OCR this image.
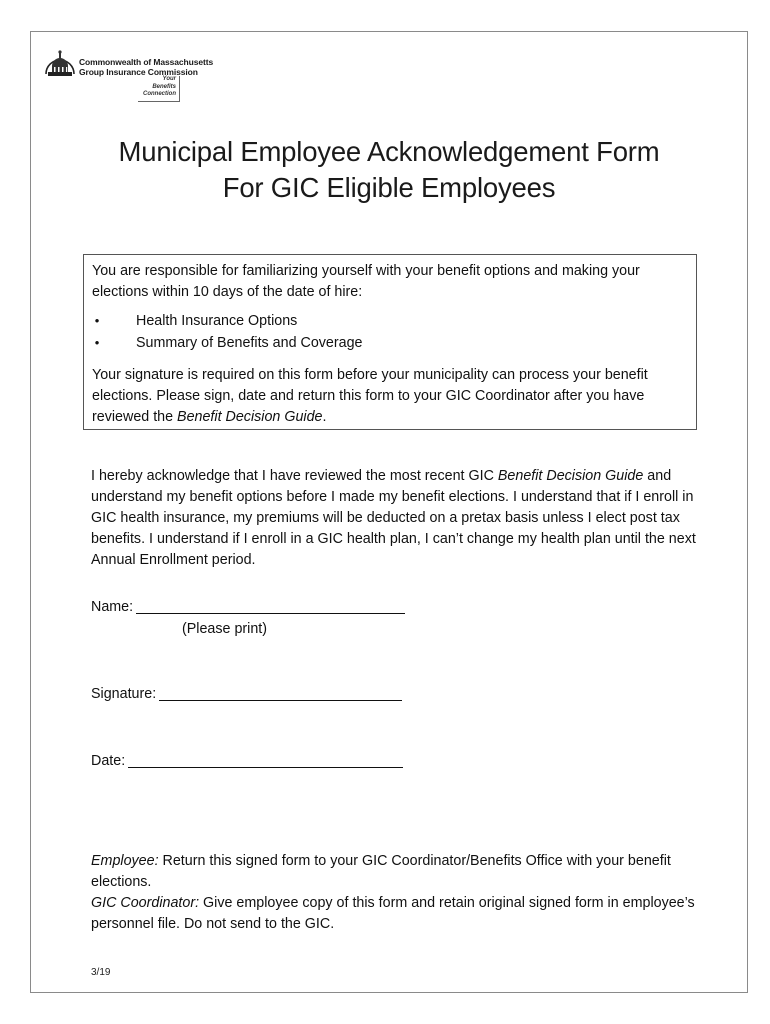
Commonwealth of Massachusetts
Group Insurance Commission
Your
Benefits
Connection
Municipal Employee Acknowledgement Form
For GIC Eligible Employees

You are responsible for familiarizing yourself with your benefit options and making your elections within 10 days of the date of hire:

•	Health Insurance Options
•	Summary of Benefits and Coverage

Your signature is required on this form before your municipality can process your benefit elections. Please sign, date and return this form to your GIC Coordinator after you have reviewed the Benefit Decision Guide.

I hereby acknowledge that I have reviewed the most recent GIC Benefit Decision Guide and understand my benefit options before I made my benefit elections. I understand that if I enroll in GIC health insurance, my premiums will be deducted on a pretax basis unless I elect post tax benefits. I understand if I enroll in a GIC health plan, I can’t change my health plan until the next Annual Enrollment period.

Name:
(Please print)
Signature:
Date:

Employee: Return this signed form to your GIC Coordinator/Benefits Office with your benefit elections.

GIC Coordinator: Give employee copy of this form and retain original signed form in employee’s personnel file. Do not send to the GIC.

3/19
